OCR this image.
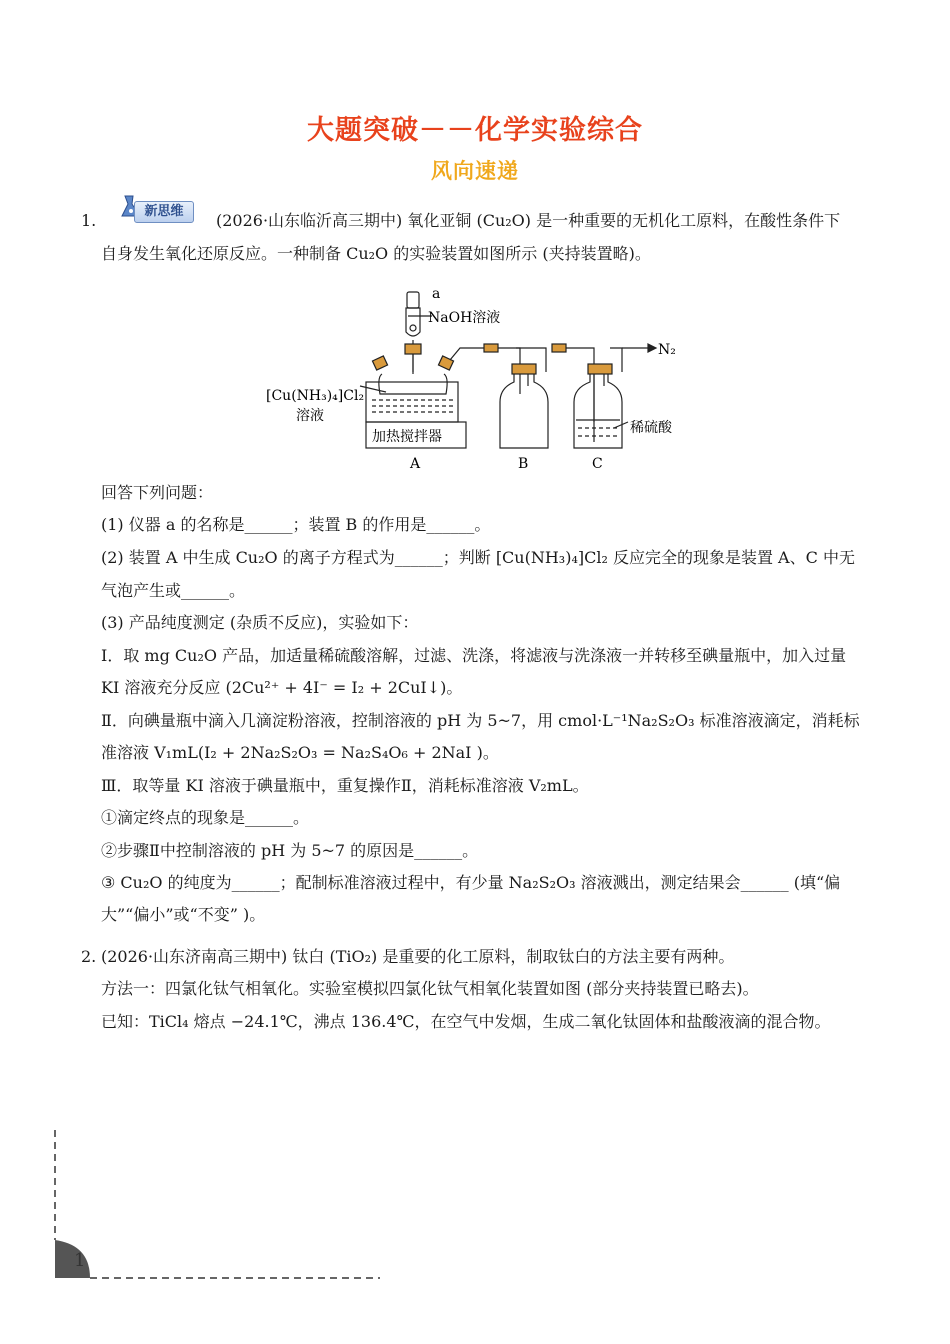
大题突破－－化学实验综合
风向速递
1.	新思维	(2026·山东临沂高三期中) 氧化亚铜 (Cu₂O) 是一种重要的无机化工原料，在酸性条件下
自身发生氧化还原反应。一种制备 Cu₂O 的实验装置如图所示 (夹持装置略)。
a
NaOH溶液
N₂
[Cu(NH₃)₄]Cl₂
溶液
加热搅拌器
稀硫酸
A	B	C
回答下列问题：
(1) 仪器 a 的名称是______；装置 B 的作用是______。
(2) 装置 A 中生成 Cu₂O 的离子方程式为______；判断 [Cu(NH₃)₄]Cl₂ 反应完全的现象是装置 A、C 中无
气泡产生或______。
(3) 产品纯度测定 (杂质不反应)，实验如下：
Ⅰ．取 mg Cu₂O 产品，加适量稀硫酸溶解，过滤、洗涤，将滤液与洗涤液一并转移至碘量瓶中，加入过量
KI 溶液充分反应 (2Cu²⁺ + 4I⁻ = I₂ + 2CuI↓)。
Ⅱ．向碘量瓶中滴入几滴淀粉溶液，控制溶液的 pH 为 5~7，用 cmol·L⁻¹Na₂S₂O₃ 标准溶液滴定，消耗标
准溶液 V₁mL(I₂ + 2Na₂S₂O₃ = Na₂S₄O₆ + 2NaI )。
Ⅲ．取等量 KI 溶液于碘量瓶中，重复操作Ⅱ，消耗标准溶液 V₂mL。
①滴定终点的现象是______。
②步骤Ⅱ中控制溶液的 pH 为 5~7 的原因是______。
③ Cu₂O 的纯度为______；配制标准溶液过程中，有少量 Na₂S₂O₃ 溶液溅出，测定结果会______ (填“偏
大”“偏小”或“不变” )。
2. (2026·山东济南高三期中) 钛白 (TiO₂) 是重要的化工原料，制取钛白的方法主要有两种。
方法一：四氯化钛气相氧化。实验室模拟四氯化钛气相氧化装置如图 (部分夹持装置已略去)。
已知：TiCl₄ 熔点 −24.1℃，沸点 136.4℃，在空气中发烟，生成二氧化钛固体和盐酸液滴的混合物。
1
